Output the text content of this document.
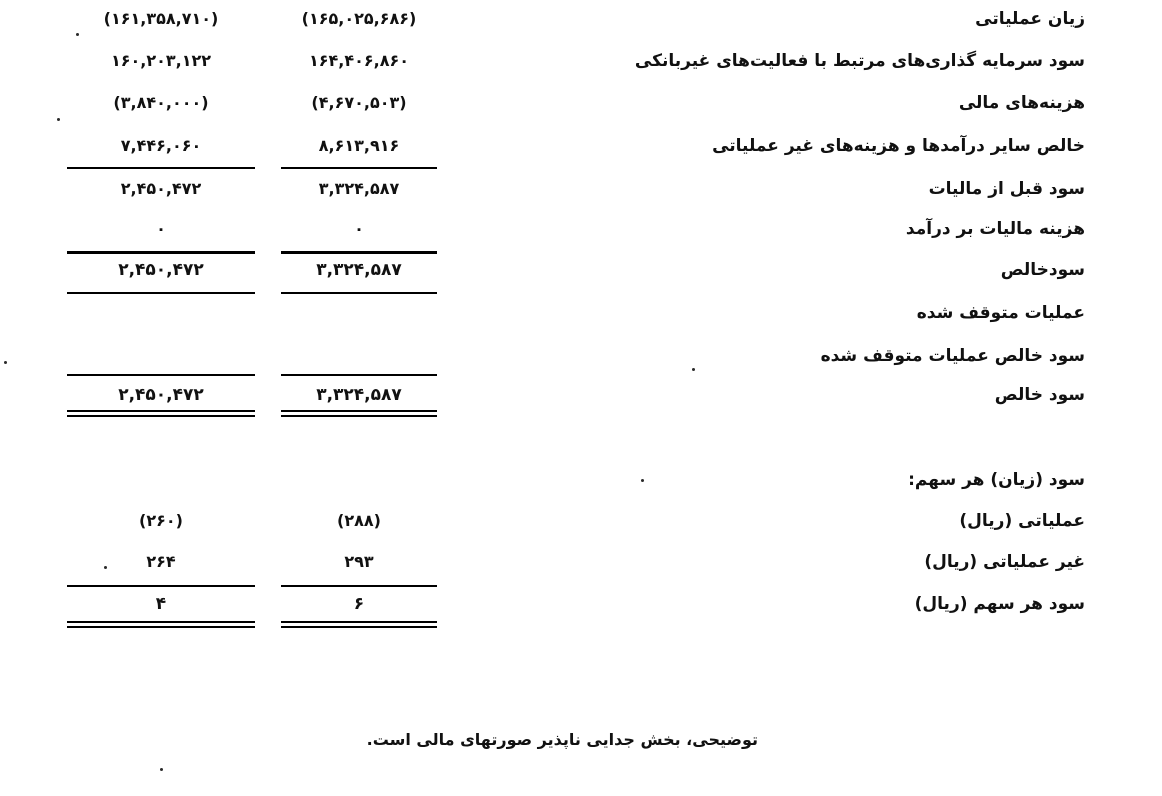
(۱۶۱,۳۵۸,۷۱۰)	(۱۶۵,۰۲۵,۶۸۶)	زیان عملیاتی
۱۶۰,۲۰۳,۱۲۲	۱۶۴,۴۰۶,۸۶۰	سود سرمایه گذاری‌های مرتبط با فعالیت‌های غیربانکی
(۳,۸۴۰,۰۰۰)	(۴,۶۷۰,۵۰۳)	هزینه‌های مالی
۷,۴۴۶,۰۶۰	۸,۶۱۳,۹۱۶	خالص سایر درآمدها و هزینه‌های غیر عملیاتی
۲,۴۵۰,۴۷۲	۳,۳۲۴,۵۸۷	سود قبل از مالیات
۰	۰	هزینه مالیات بر درآمد
۲,۴۵۰,۴۷۲	۳,۳۲۴,۵۸۷	سودخالص
عملیات متوقف شده
سود خالص عملیات متوقف شده
۲,۴۵۰,۴۷۲	۳,۳۲۴,۵۸۷	سود خالص
سود (زیان) هر سهم:
(۲۶۰)	(۲۸۸)	عملیاتی (ریال)
۲۶۴	۲۹۳	غیر عملیاتی (ریال)
۴	۶	سود هر سهم (ریال)
توضیحی، بخش جدایی ناپذیر صورتهای مالی است.
